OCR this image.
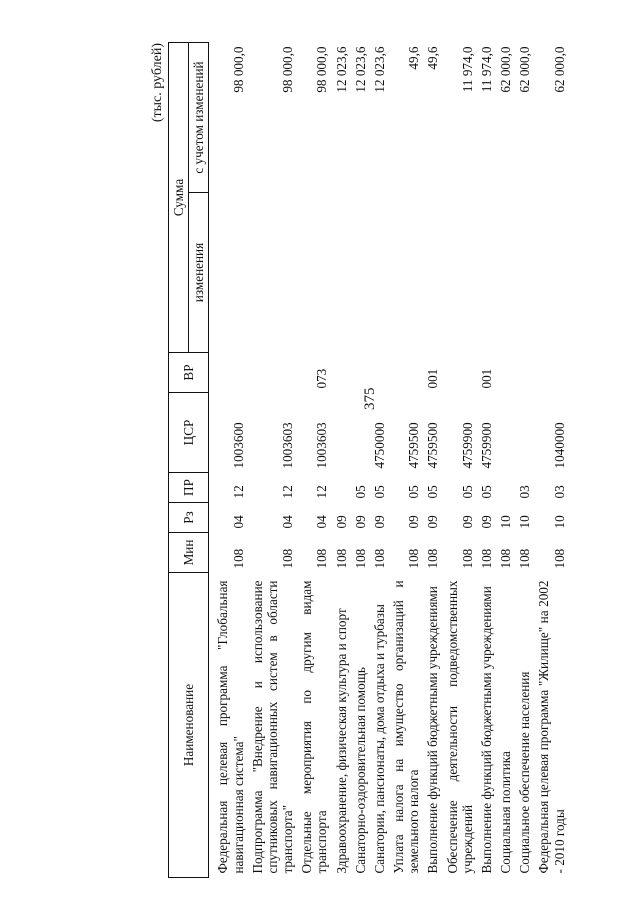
375
(тыс. рублей)
Наименование	Мин	Рз	ПР	ЦСР	ВР	Сумма	
						изменения	с учетом изменений
Федеральная целевая программа "Глобальная навигационная система"	108	04	12	1003600			98 000,0
Подпрограмма "Внедрение и использование спутниковых навигационных систем в области транспорта"	108	04	12	1003603			98 000,0
Отдельные мероприятия по другим видам транспорта	108	04	12	1003603	073		98 000,0
Здравоохранение, физическая культура и спорт	108	09					12 023,6
Санаторно-оздоровительная помощь	108	09	05				12 023,6
Санатории, пансионаты, дома отдыха и турбазы	108	09	05	4750000			12 023,6
Уплата налога на имущество организаций и земельного налога	108	09	05	4759500			49,6
Выполнение функций бюджетными учреждениями	108	09	05	4759500	001		49,6
Обеспечение деятельности подведомственных учреждений	108	09	05	4759900			11 974,0
Выполнение функций бюджетными учреждениями	108	09	05	4759900	001		11 974,0
Социальная политика	108	10					62 000,0
Социальное обеспечение населения	108	10	03				62 000,0
Федеральная целевая программа "Жилище" на 2002 - 2010 годы	108	10	03	1040000			62 000,0
